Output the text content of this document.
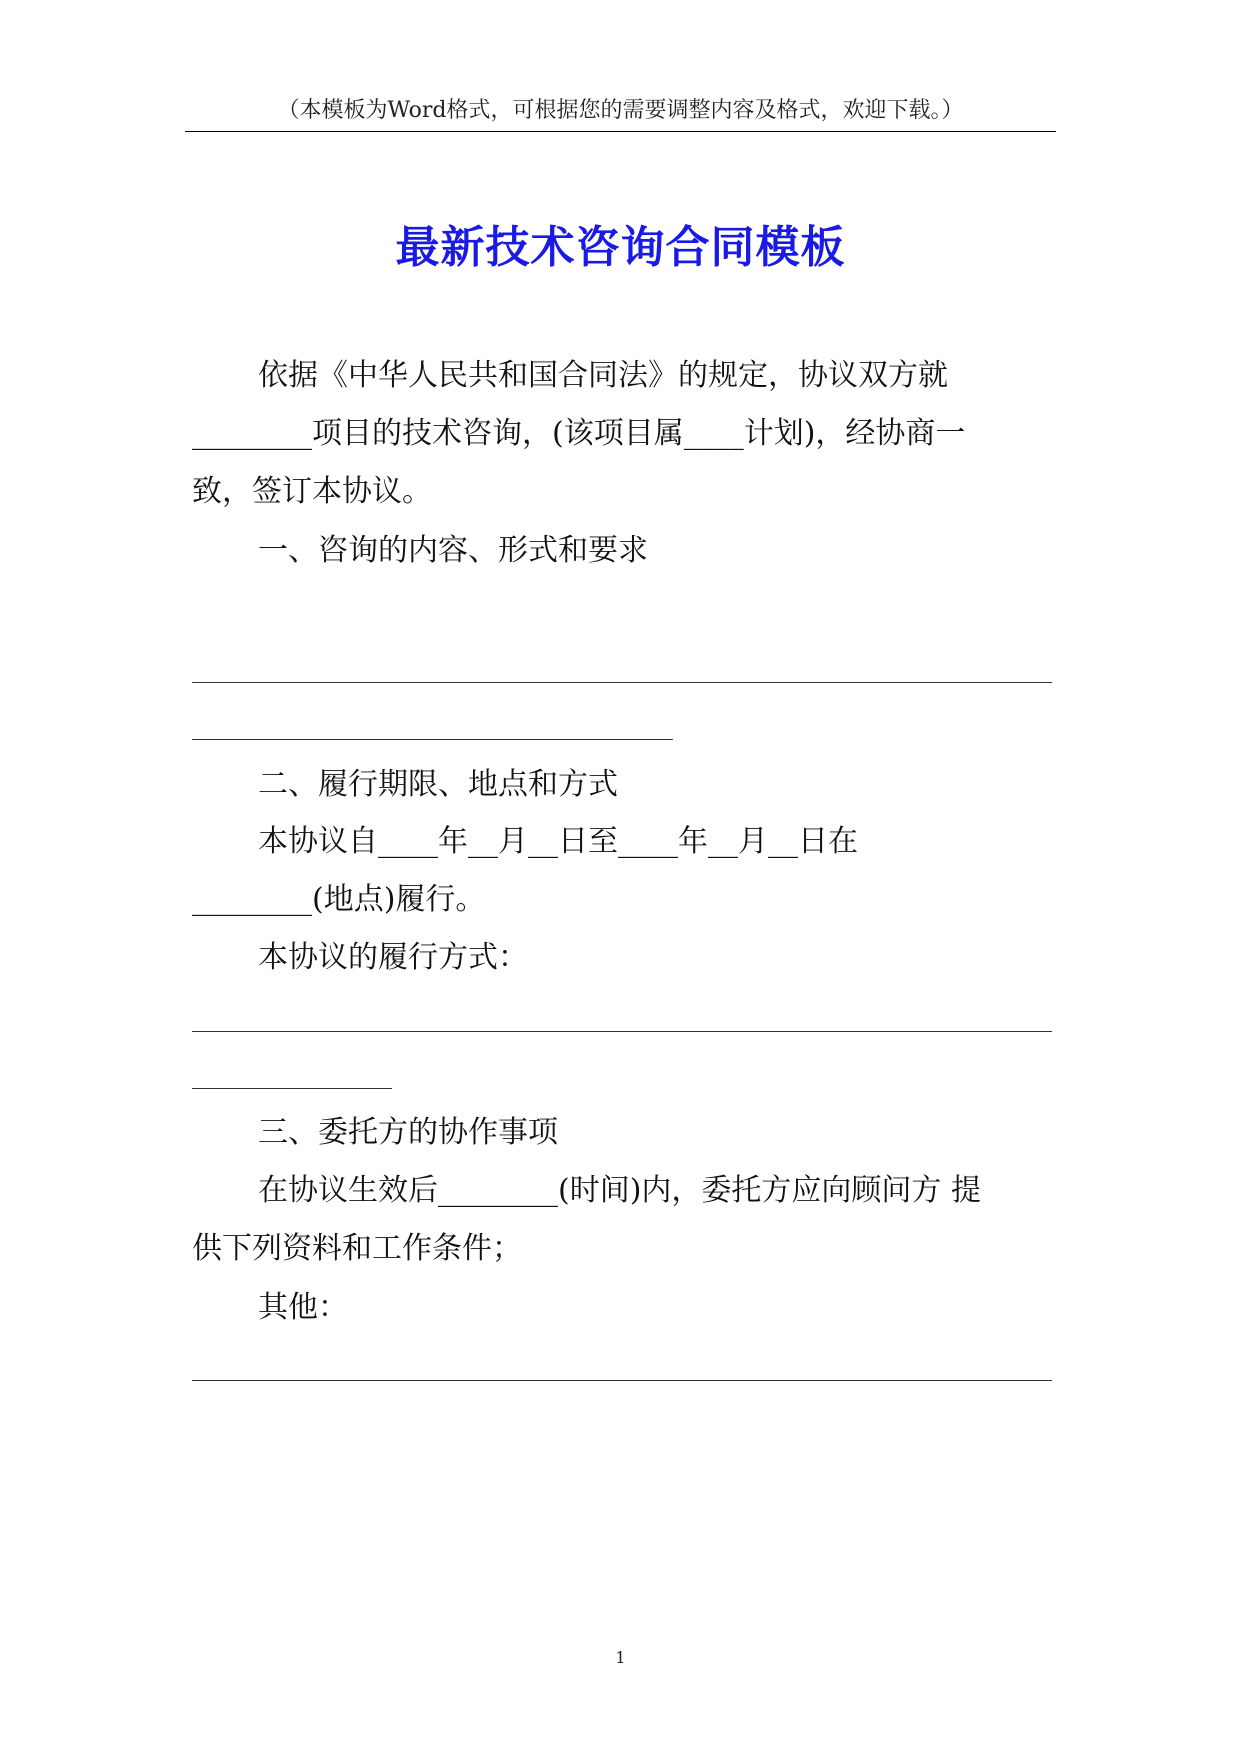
（本模板为Word格式，可根据您的需要调整内容及格式，欢迎下载。）
最新技术咨询合同模板
依据《中华人民共和国合同法》的规定，协议双方就
________项目的技术咨询，(该项目属____计划)，经协商一
致，签订本协议。
一、咨询的内容、形式和要求
二、履行期限、地点和方式
本协议自____年__月__日至____年__月__日在
________(地点)履行。
本协议的履行方式：
三、委托方的协作事项
在协议生效后________(时间)内，委托方应向顾问方 提
供下列资料和工作条件；
其他：
1
